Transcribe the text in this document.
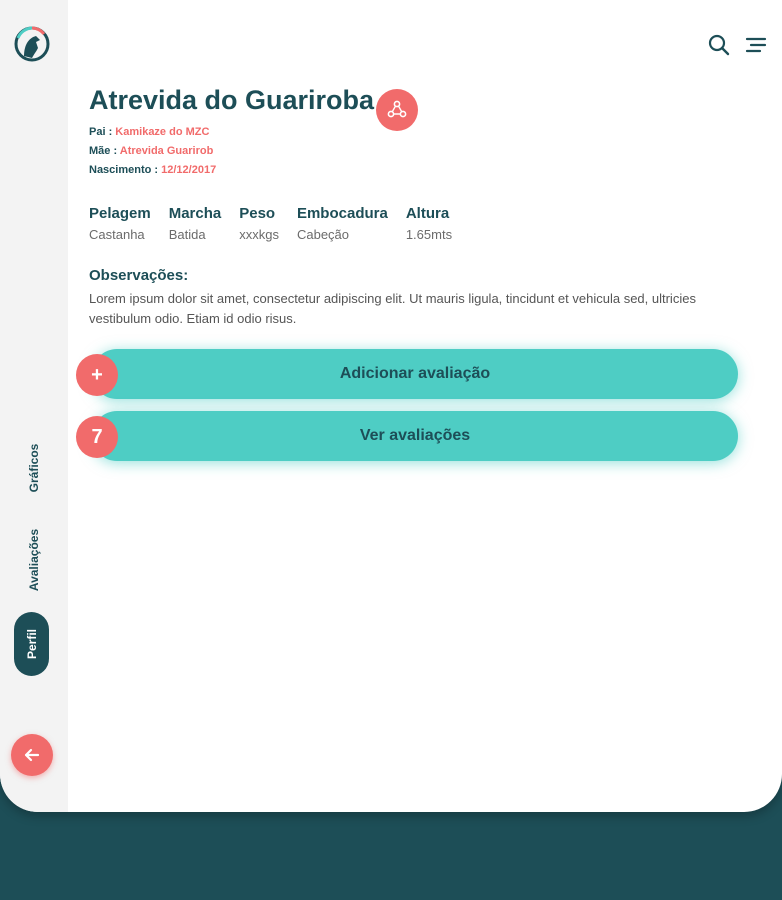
Gráficos
Avaliações
Perfil
Atrevida do Guariroba
Pai : Kamikaze do MZC
Mãe : Atrevida Guarirob
Nascimento : 12/12/2017
Pelagem
Castanha
Marcha
Batida
Peso
xxxkgs
Embocadura
Cabeção
Altura
1.65mts
Observações:
Lorem ipsum dolor sit amet, consectetur adipiscing elit. Ut mauris ligula, tincidunt et vehicula sed, ultricies vestibulum odio. Etiam id odio risus.
Adicionar avaliação
+
Ver avaliações
7
